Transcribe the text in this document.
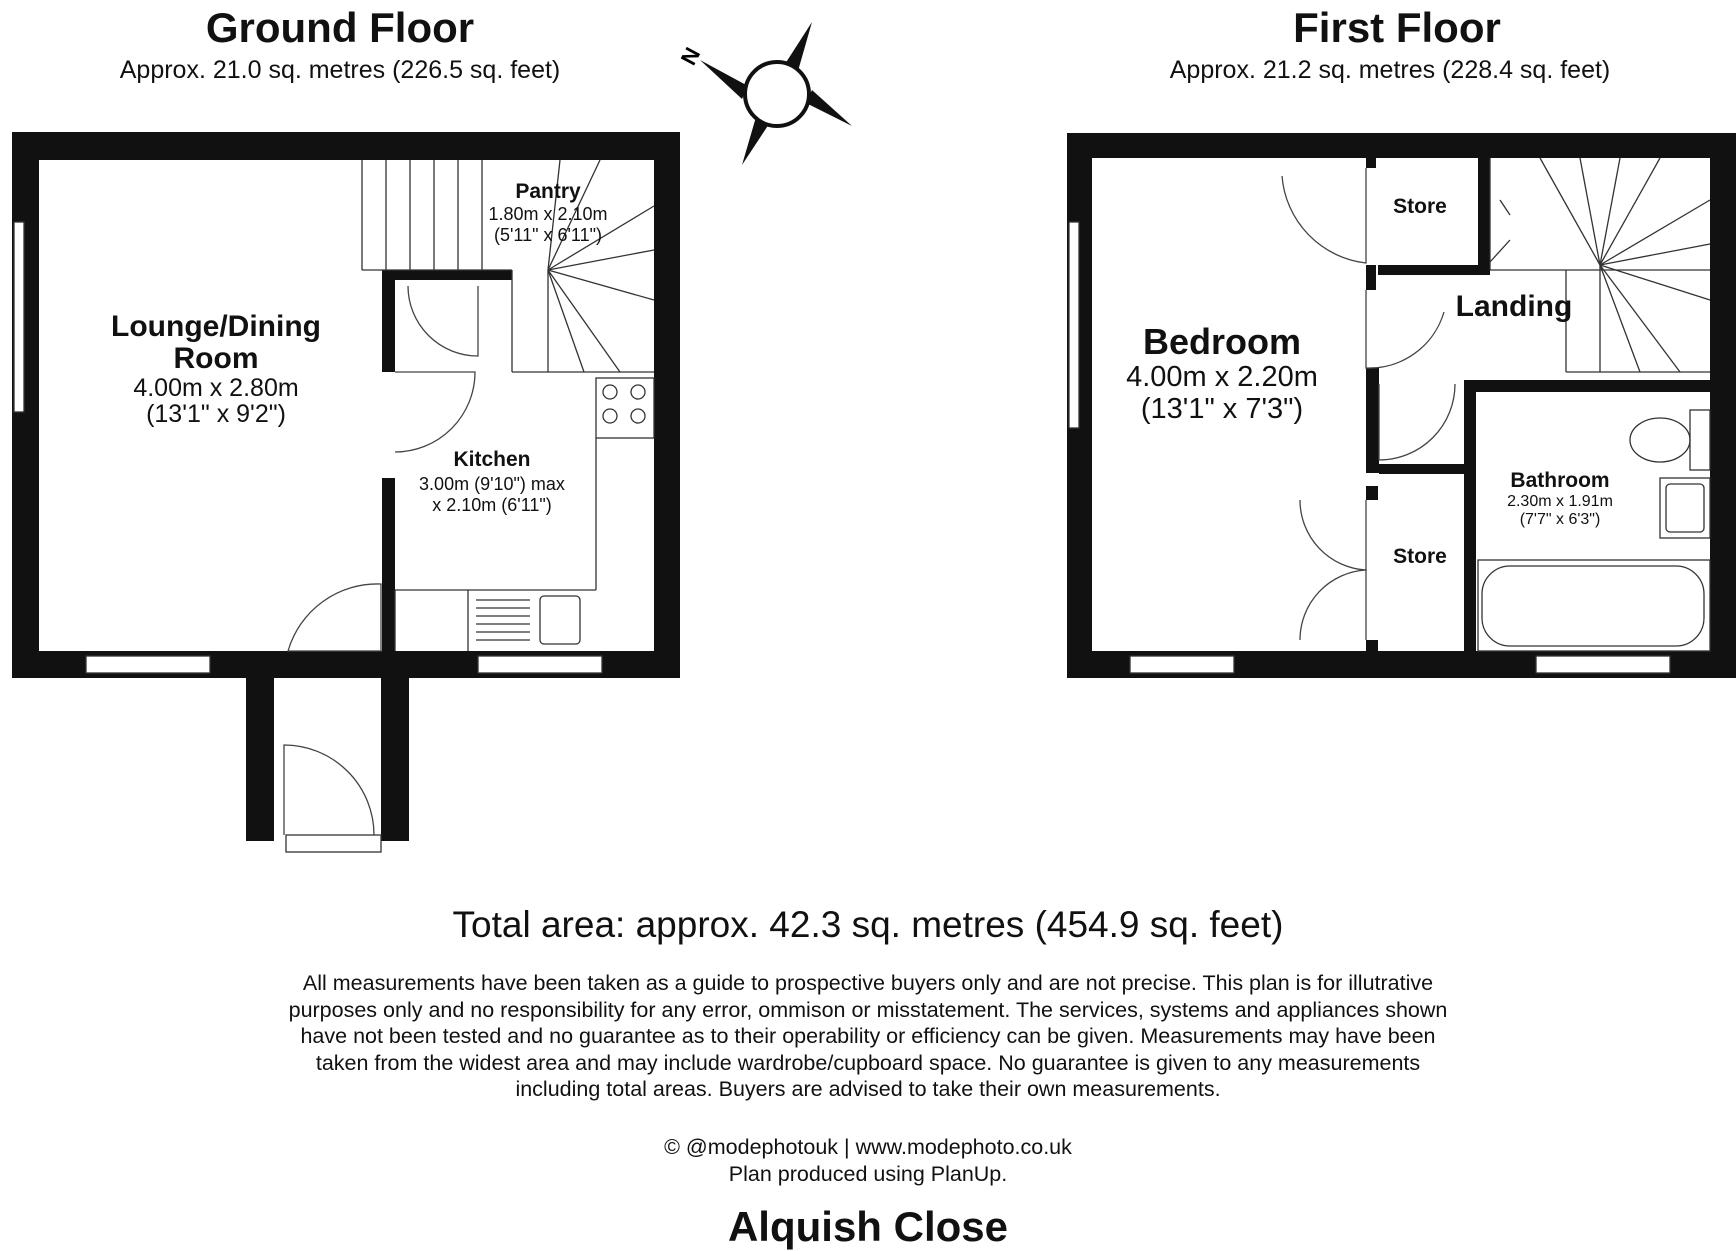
Ground Floor
Approx. 21.0 sq. metres (226.5 sq. feet)
Lounge/Dining
Room
4.00m x 2.80m
(13'1" x 9'2")
Pantry
1.80m x 2.10m
(5'11" x 6'11")
Kitchen
3.00m (9'10") max
x 2.10m (6'11")
N
First Floor
Approx. 21.2 sq. metres (228.4 sq. feet)
Bedroom
4.00m x 2.20m
(13'1" x 7'3")
Store
Landing
Store
Bathroom
2.30m x 1.91m
(7'7" x 6'3")
Total area: approx. 42.3 sq. metres (454.9 sq. feet)
All measurements have been taken as a guide to prospective buyers only and are not precise. This plan is for illutrative
purposes only and no responsibility for any error, ommison or misstatement. The services, systems and appliances shown
have not been tested and no guarantee as to their operability or efficiency can be given. Measurements may have been
taken from the widest area and may include wardrobe/cupboard space. No guarantee is given to any measurements
including total areas. Buyers are advised to take their own measurements.
© @modephotouk | www.modephoto.co.uk
Plan produced using PlanUp.
Alquish Close
